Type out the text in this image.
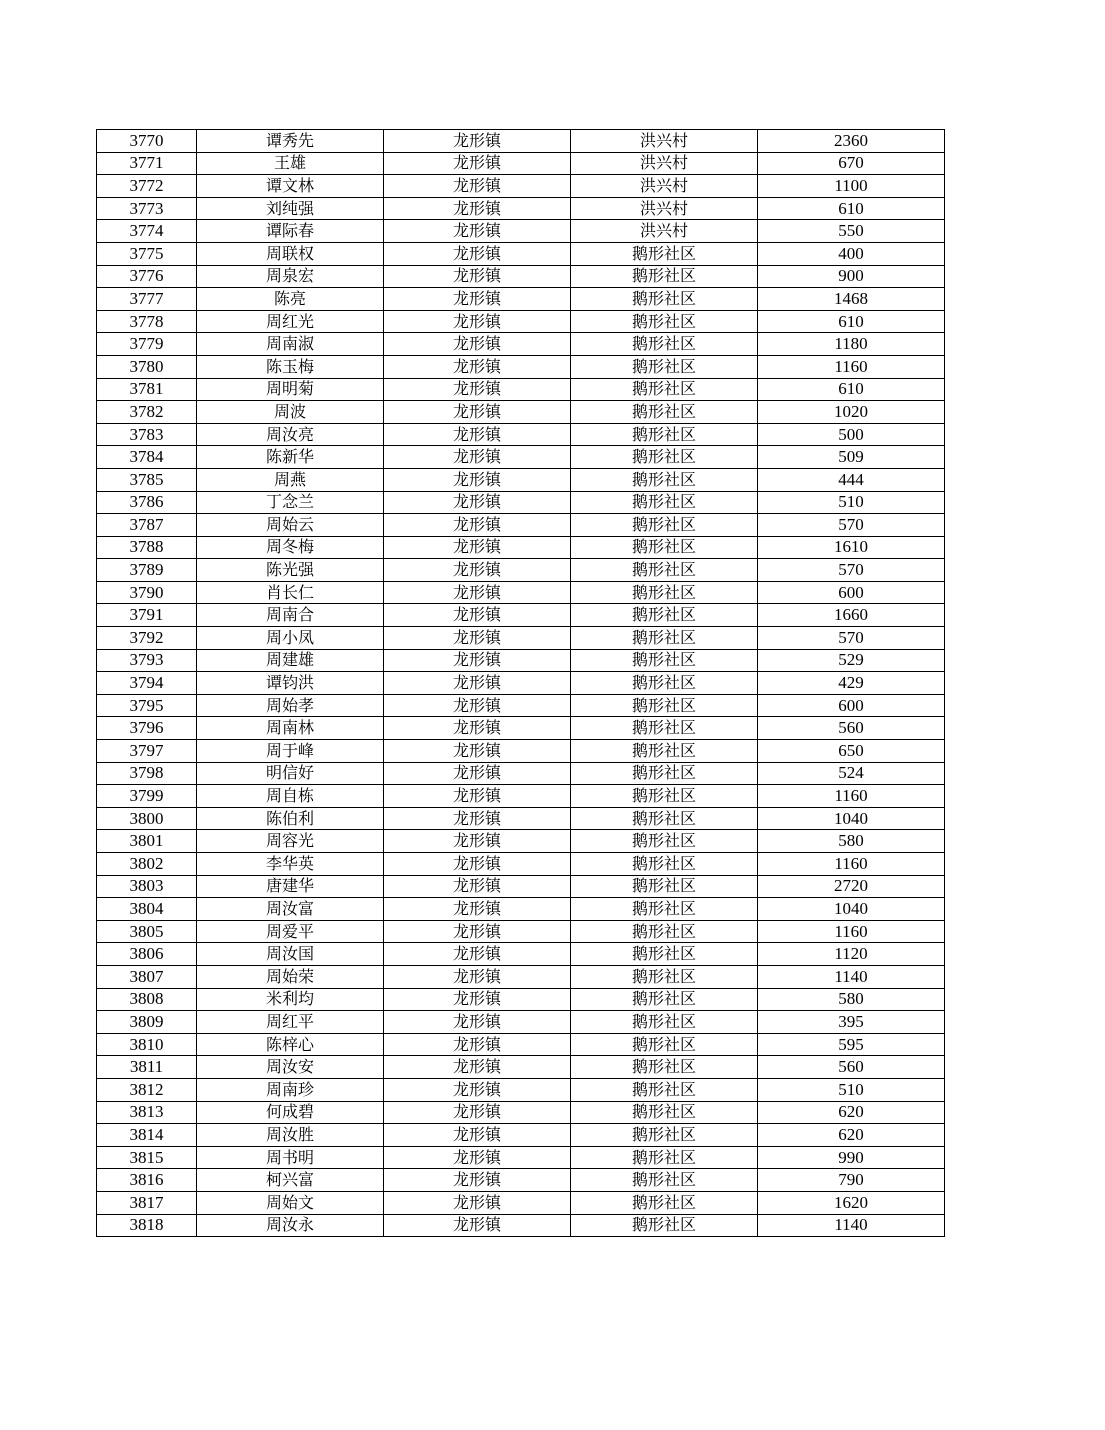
3770	谭秀先	龙形镇	洪兴村	2360
3771	王雄	龙形镇	洪兴村	670
3772	谭文林	龙形镇	洪兴村	1100
3773	刘纯强	龙形镇	洪兴村	610
3774	谭际春	龙形镇	洪兴村	550
3775	周联权	龙形镇	鹅形社区	400
3776	周泉宏	龙形镇	鹅形社区	900
3777	陈亮	龙形镇	鹅形社区	1468
3778	周红光	龙形镇	鹅形社区	610
3779	周南淑	龙形镇	鹅形社区	1180
3780	陈玉梅	龙形镇	鹅形社区	1160
3781	周明菊	龙形镇	鹅形社区	610
3782	周波	龙形镇	鹅形社区	1020
3783	周汝亮	龙形镇	鹅形社区	500
3784	陈新华	龙形镇	鹅形社区	509
3785	周燕	龙形镇	鹅形社区	444
3786	丁念兰	龙形镇	鹅形社区	510
3787	周始云	龙形镇	鹅形社区	570
3788	周冬梅	龙形镇	鹅形社区	1610
3789	陈光强	龙形镇	鹅形社区	570
3790	肖长仁	龙形镇	鹅形社区	600
3791	周南合	龙形镇	鹅形社区	1660
3792	周小凤	龙形镇	鹅形社区	570
3793	周建雄	龙形镇	鹅形社区	529
3794	谭钧洪	龙形镇	鹅形社区	429
3795	周始孝	龙形镇	鹅形社区	600
3796	周南林	龙形镇	鹅形社区	560
3797	周于峰	龙形镇	鹅形社区	650
3798	明信好	龙形镇	鹅形社区	524
3799	周自栋	龙形镇	鹅形社区	1160
3800	陈伯利	龙形镇	鹅形社区	1040
3801	周容光	龙形镇	鹅形社区	580
3802	李华英	龙形镇	鹅形社区	1160
3803	唐建华	龙形镇	鹅形社区	2720
3804	周汝富	龙形镇	鹅形社区	1040
3805	周爱平	龙形镇	鹅形社区	1160
3806	周汝国	龙形镇	鹅形社区	1120
3807	周始荣	龙形镇	鹅形社区	1140
3808	米利均	龙形镇	鹅形社区	580
3809	周红平	龙形镇	鹅形社区	395
3810	陈梓心	龙形镇	鹅形社区	595
3811	周汝安	龙形镇	鹅形社区	560
3812	周南珍	龙形镇	鹅形社区	510
3813	何成碧	龙形镇	鹅形社区	620
3814	周汝胜	龙形镇	鹅形社区	620
3815	周书明	龙形镇	鹅形社区	990
3816	柯兴富	龙形镇	鹅形社区	790
3817	周始文	龙形镇	鹅形社区	1620
3818	周汝永	龙形镇	鹅形社区	1140
